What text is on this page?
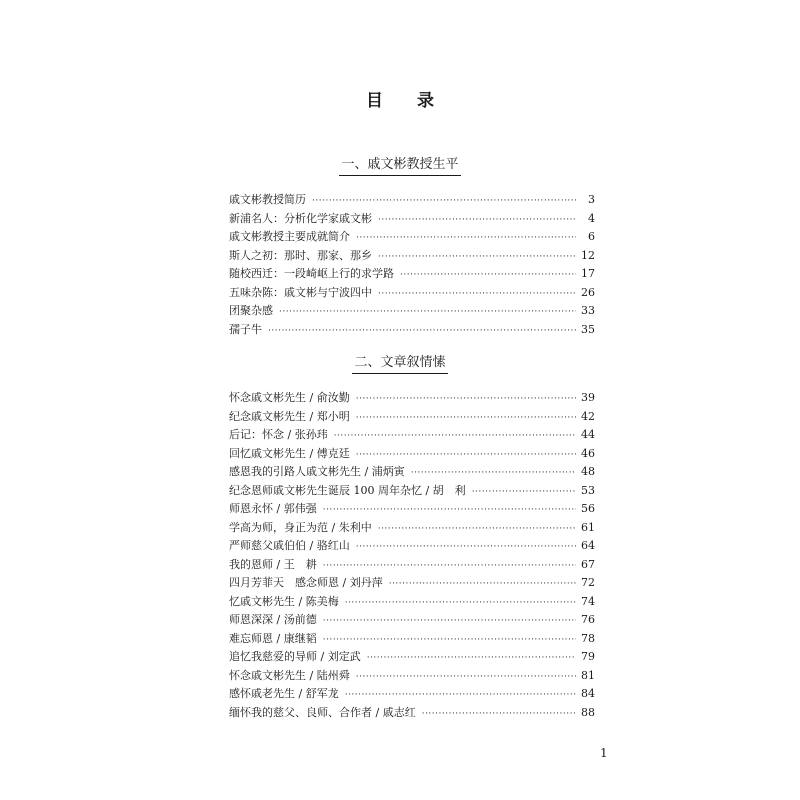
目 录
一、戚文彬教授生平
戚文彬教授简历 ·····	3
新浦名人：分析化学家戚文彬 ·····	4
戚文彬教授主要成就简介 ·····	6
斯人之初：那时、那家、那乡 ·····	12
随校西迁：一段崎岖上行的求学路 ·····	17
五味杂陈：戚文彬与宁波四中 ·····	26
团聚杂感 ·····	33
孺子牛 ·····	35
二、文章叙情愫
怀念戚文彬先生 / 俞汝勤 ·····	39
纪念戚文彬先生 / 郑小明 ·····	42
后记：怀念 / 张孙玮 ·····	44
回忆戚文彬先生 / 傅克廷 ·····	46
感恩我的引路人戚文彬先生 / 浦炳寅 ·····	48
纪念恩师戚文彬先生诞辰 100 周年杂忆 / 胡　利 ·····	53
师恩永怀 / 郭伟强 ·····	56
学高为师，身正为范 / 朱利中 ·····	61
严师慈父戚伯伯 / 骆红山 ·····	64
我的恩师 / 王　耕 ·····	67
四月芳菲天　感念师恩 / 刘丹萍 ·····	72
忆戚文彬先生 / 陈美梅 ·····	74
师恩深深 / 汤前德 ·····	76
难忘师恩 / 康继韬 ·····	78
追忆我慈爱的导师 / 刘定武 ·····	79
怀念戚文彬先生 / 陆州舜 ·····	81
感怀戚老先生 / 舒军龙 ·····	84
缅怀我的慈父、良师、合作者 / 戚志红 ·····	88
1
